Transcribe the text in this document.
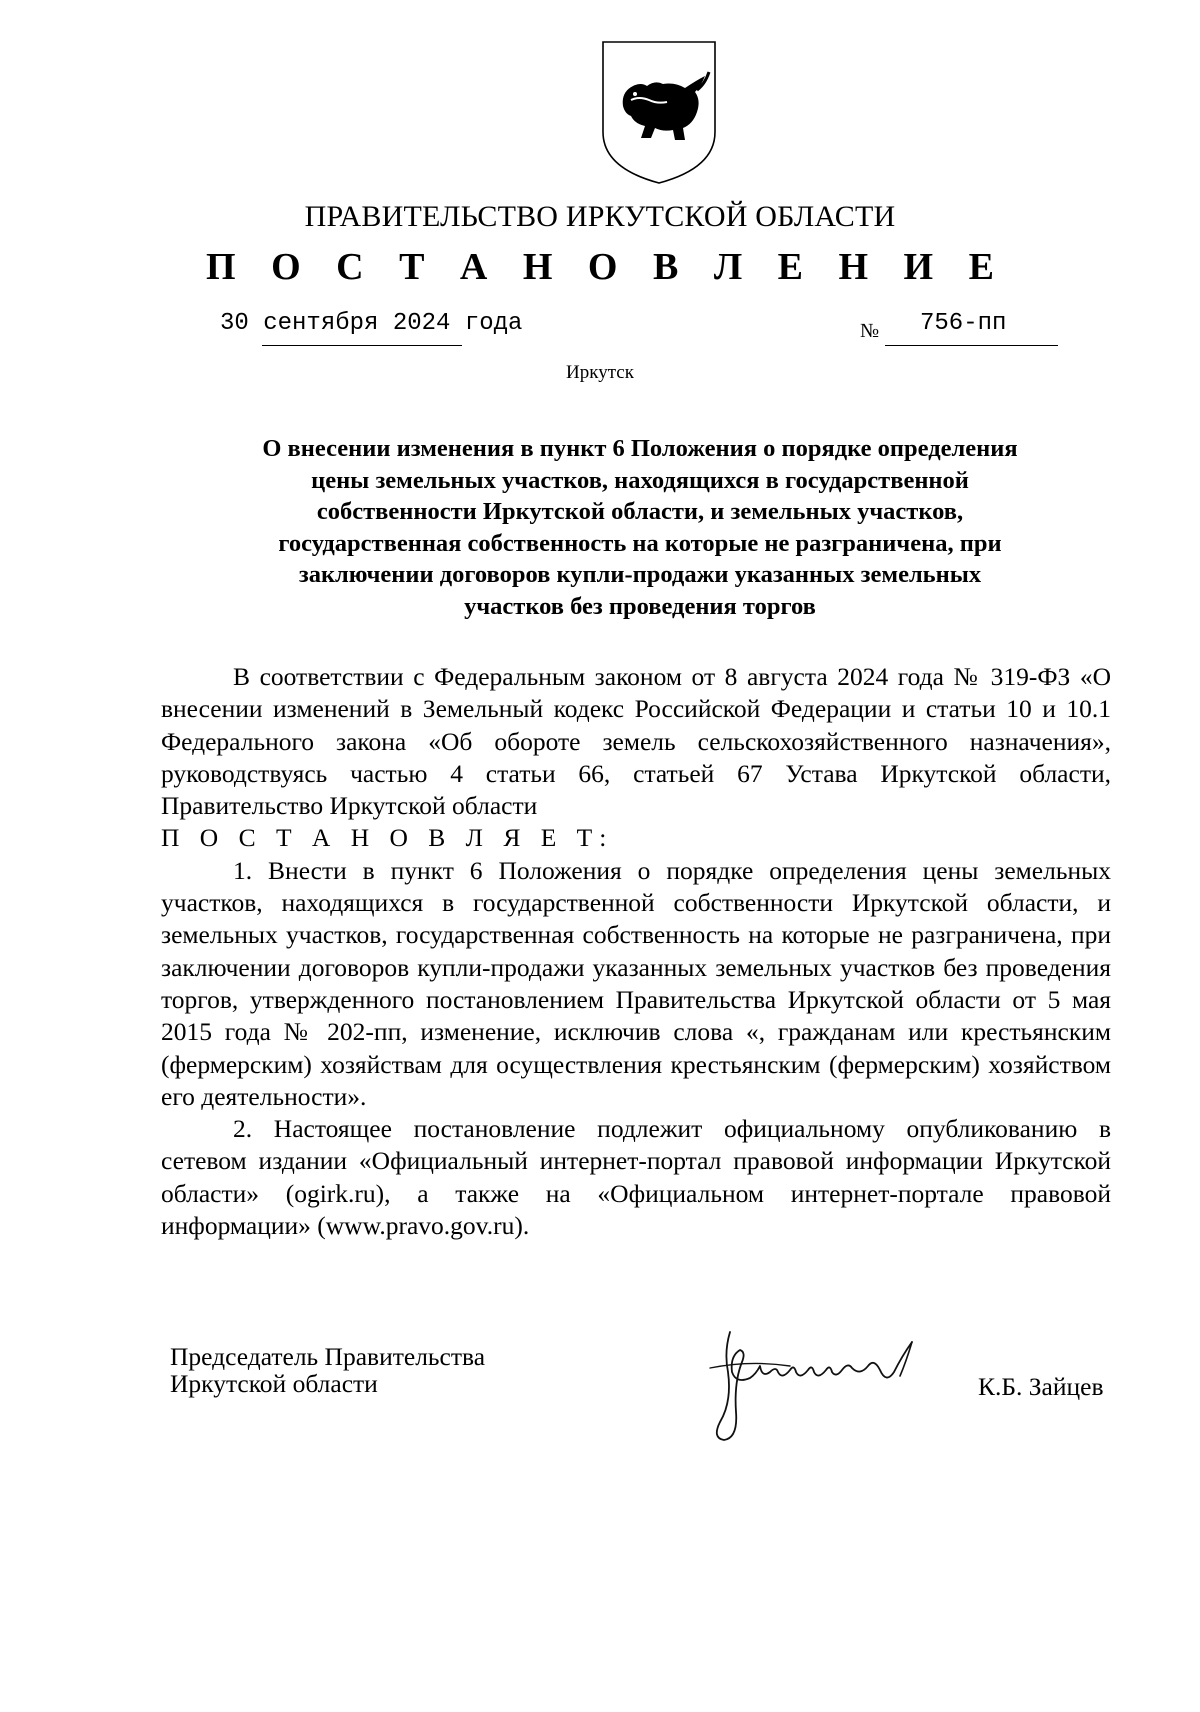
ПРАВИТЕЛЬСТВО ИРКУТСКОЙ ОБЛАСТИ
П О С Т А Н О В Л Е Н И Е
30 сентября 2024 года	№ 756-пп
Иркутск
О внесении изменения в пункт 6 Положения о порядке определения
цены земельных участков, находящихся в государственной
собственности Иркутской области, и земельных участков,
государственная собственность на которые не разграничена, при
заключении договоров купли-продажи указанных земельных
участков без проведения торгов

В соответствии с Федеральным законом от 8 августа 2024 года № 319-ФЗ «О внесении изменений в Земельный кодекс Российской Федерации и статьи 10 и 10.1 Федерального закона «Об обороте земель сельскохозяйственного назначения», руководствуясь частью 4 статьи 66, статьей 67 Устава Иркутской области, Правительство Иркутской области

П О С Т А Н О В Л Я Е Т:

1. Внести в пункт 6 Положения о порядке определения цены земельных участков, находящихся в государственной собственности Иркутской области, и земельных участков, государственная собственность на которые не разграничена, при заключении договоров купли-продажи указанных земельных участков без проведения торгов, утвержденного постановлением Правительства Иркутской области от 5 мая 2015 года № 202-пп, изменение, исключив слова «, гражданам или крестьянским (фермерским) хозяйствам для осуществления крестьянским (фермерским) хозяйством его деятельности».

2. Настоящее постановление подлежит официальному опубликованию в сетевом издании «Официальный интернет-портал правовой информации Иркутской области» (ogirk.ru), а также на «Официальном интернет-портале правовой информации» (www.pravo.gov.ru).

Председатель Правительства
Иркутской области	К.Б. Зайцев
